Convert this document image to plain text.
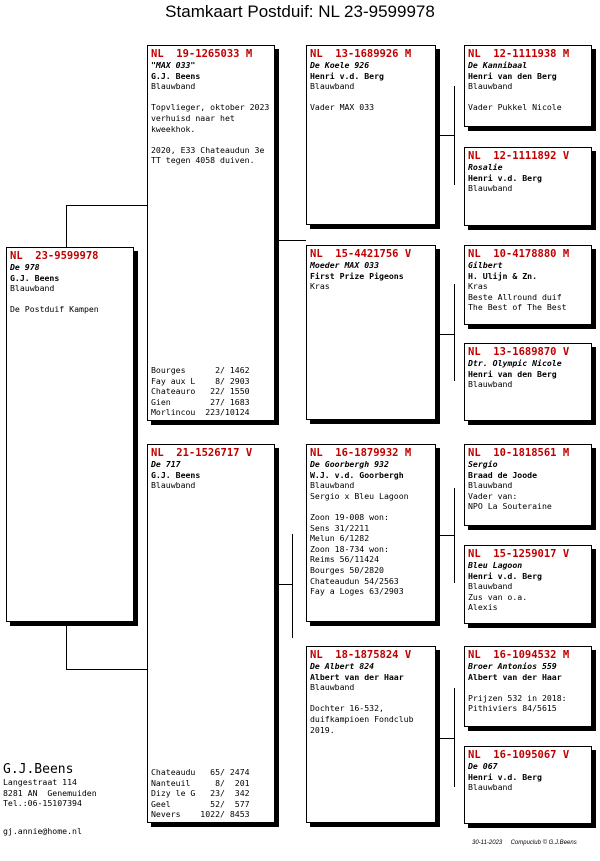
Stamkaart Postduif: NL 23-9599978
NL  23-9599978
De 978
G.J. Beens
Blauwband
De Postduif Kampen
NL  19-1265033 M
"MAX 033"
G.J. Beens
Blauwband
Topvlieger, oktober 2023 verhuisd naar het kweekhok.
2020, E33 Chateaudun 3e TT tegen 4058 duiven.
Bourges      2/ 1462
Fay aux L    8/ 2903
Chateauro   22/ 1550
Gien        27/ 1683
Morlincou  223/10124
NL  21-1526717 V
De 717
G.J. Beens
Blauwband
Chateaudu   65/ 2474
Nanteuil     8/  201
Dizy le G   23/  342
Geel        52/  577
Nevers    1022/ 8453
NL  13-1689926 M
De Koele 926
Henri v.d. Berg
Blauwband
Vader MAX 033
NL  15-4421756 V
Moeder MAX 033
First Prize Pigeons
Kras
NL  16-1879932 M
De Goorbergh 932
W.J. v.d. Goorbergh
Blauwband
Sergio x Bleu Lagoon
Zoon 19-008 won:
Sens 31/2211
Melun 6/1282
Zoon 18-734 won:
Reims 56/11424
Bourges 50/2820
Chateaudun 54/2563
Fay a Loges 63/2903
NL  18-1875824 V
De Albert 824
Albert van der Haar
Blauwband
Dochter 16-532, duifkampioen Fondclub 2019.
NL  12-1111938 M
De Kannibaal
Henri van den Berg
Blauwband
Vader Pukkel Nicole
NL  12-1111892 V
Rosalie
Henri v.d. Berg
Blauwband
NL  10-4178880 M
Gilbert
H. Ulijn & Zn.
Kras
Beste Allround duif
The Best of The Best
NL  13-1689870 V
Dtr. Olympic Nicole
Henri van den Berg
Blauwband
NL  10-1818561 M
Sergio
Braad de Joode
Blauwband
Vader van:
NPO La Souteraine
NL  15-1259017 V
Bleu Lagoon
Henri v.d. Berg
Blauwband
Zus van o.a.
Alexis
NL  16-1094532 M
Broer Antonios 559
Albert van der Haar
Prijzen 532 in 2018:
Pithiviers 84/5615
NL  16-1095067 V
De 067
Henri v.d. Berg
Blauwband
G.J.Beens
Langestraat 114
8281 AN  Genemuiden
Tel.:06-15107394
gj.annie@home.nl
30-11-2023     Compuclub © G.J.Beens
